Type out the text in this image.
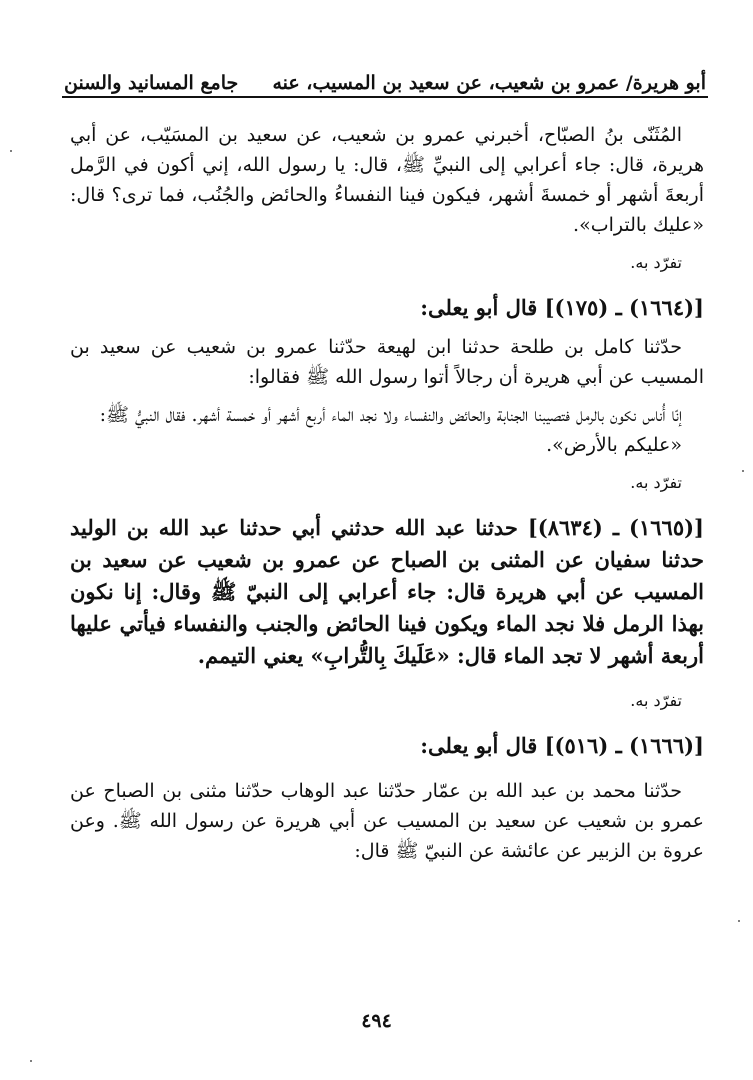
أبو هريرة/ عمرو بن شعيب، عن سعيد بن المسيب، عنه
جامع المسانيد والسنن

المُثَنّى بنُ الصبّاح، أخبرني عمرو بن شعيب، عن سعيد بن المسَيّب، عن أبي هريرة، قال: جاء أعرابي إلى النبيِّ ﷺ، قال: يا رسول الله، إني أكون في الرَّمل أربعةَ أشهر أو خمسةَ أشهر، فيكون فينا النفساءُ والحائض والجُنُب، فما ترى؟ قال: «عليك بالتراب».

تفرّد به.

[(١٦٦٤) ـ (١٧٥)] قال أبو يعلى:

حدّثنا كامل بن طلحة حدثنا ابن لهيعة حدّثنا عمرو بن شعيب عن سعيد بن المسيب عن أبي هريرة أن رجالاً أتوا رسول الله ﷺ فقالوا:

إنّا أُناس نكون بالرمل فتصيبنا الجنابة والحائض والنفساء ولا نجد الماء أربع أشهر أو خمسة أشهر. فقال النبيُّ ﷺ:

«عليكم بالأرض».

تفرّد به.

[(١٦٦٥) ـ (٨٦٣٤)] حدثنا عبد الله حدثني أبي حدثنا عبد الله بن الوليد حدثنا سفيان عن المثنى بن الصباح عن عمرو بن شعيب عن سعيد بن المسيب عن أبي هريرة قال: جاء أعرابي إلى النبيّ ﷺ وقال: إنا نكون بهذا الرمل فلا نجد الماء ويكون فينا الحائض والجنب والنفساء فيأتي عليها أربعة أشهر لا تجد الماء قال: «عَلَيكَ بِالتُّرابِ» يعني التيمم.

تفرّد به.

[(١٦٦٦) ـ (٥١٦)] قال أبو يعلى:

حدّثنا محمد بن عبد الله بن عمّار حدّثنا عبد الوهاب حدّثنا مثنى بن الصباح عن عمرو بن شعيب عن سعيد بن المسيب عن أبي هريرة عن رسول الله ﷺ. وعن عروة بن الزبير عن عائشة عن النبيّ ﷺ قال:

٤٩٤
